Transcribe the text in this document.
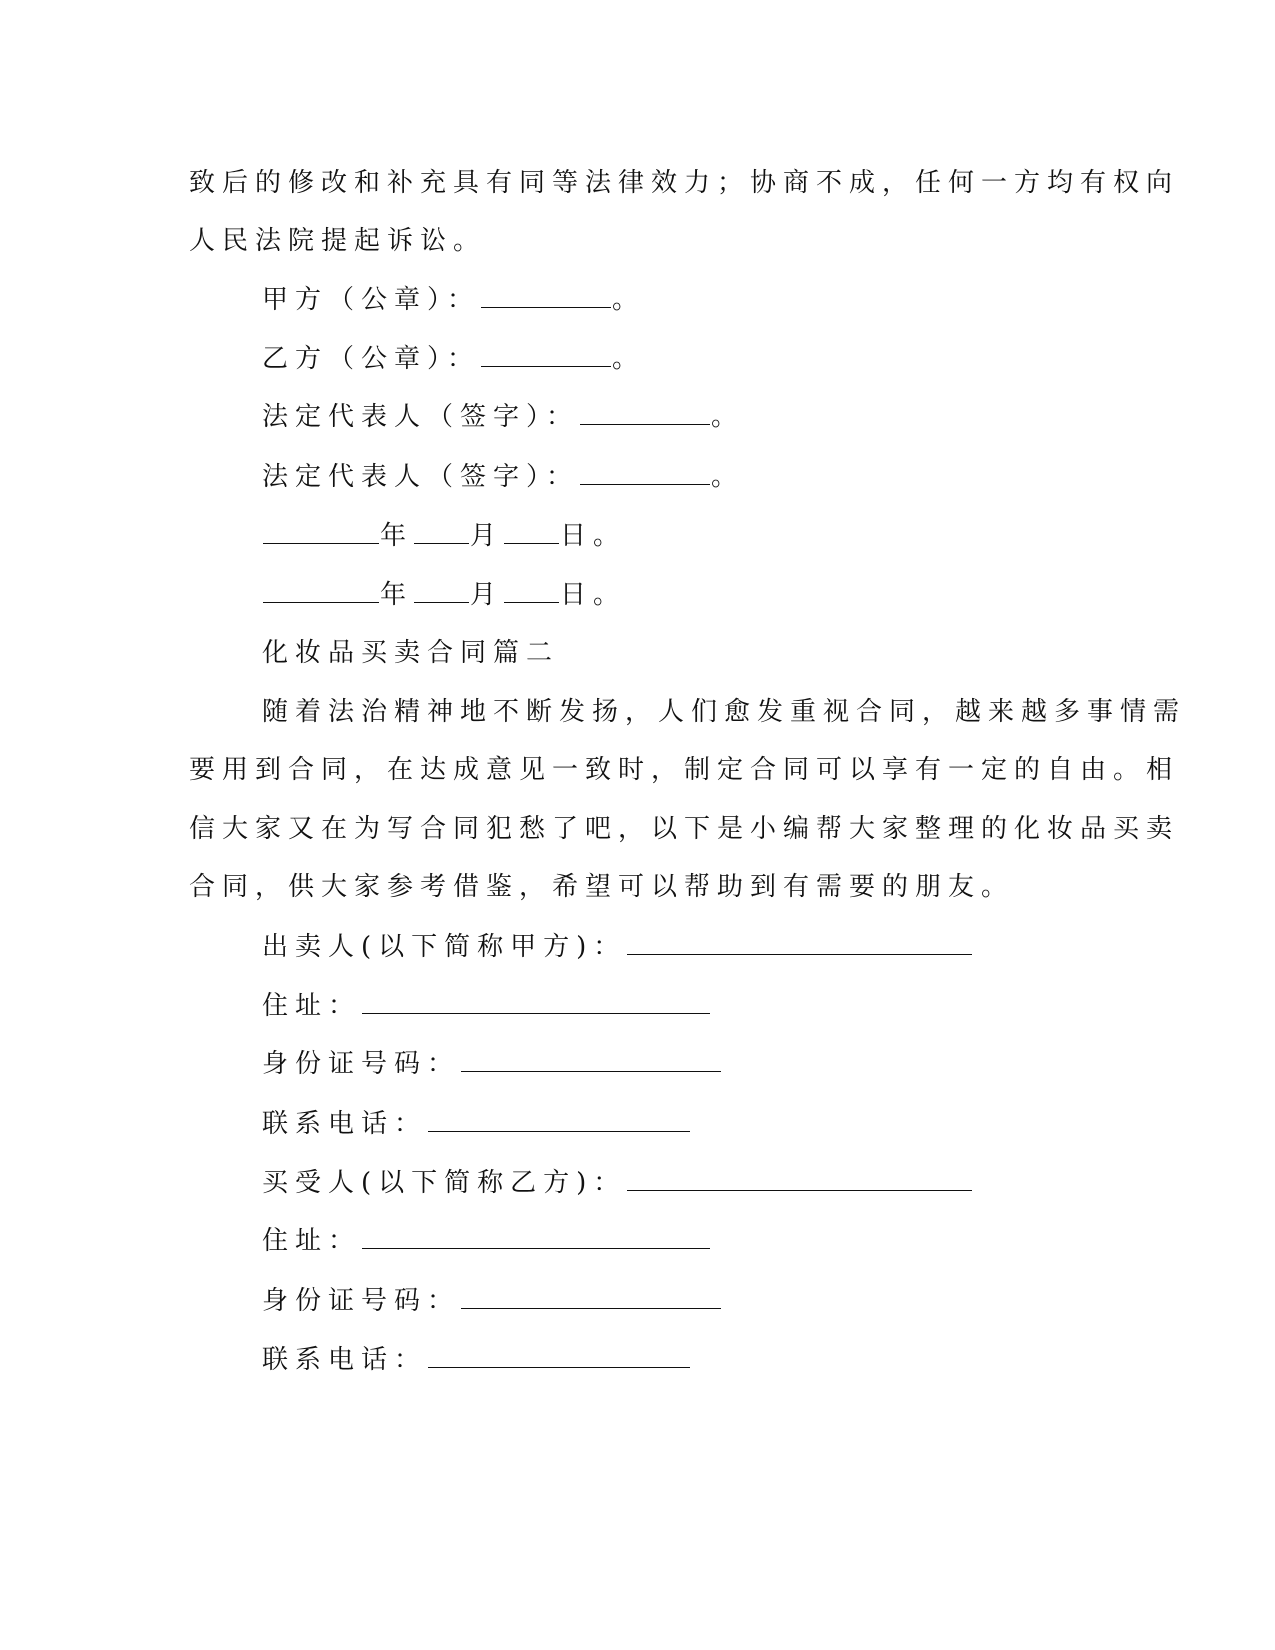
致后的修改和补充具有同等法律效力；协商不成，任何一方均有权向
人民法院提起诉讼。
甲方（公章）：	。
乙方（公章）：	。
法定代表人（签字）：	。
法定代表人（签字）：	。
年 月 日。
年 月 日。
化妆品买卖合同篇二
随着法治精神地不断发扬，人们愈发重视合同，越来越多事情需
要用到合同，在达成意见一致时，制定合同可以享有一定的自由。相
信大家又在为写合同犯愁了吧，以下是小编帮大家整理的化妆品买卖
合同，供大家参考借鉴，希望可以帮助到有需要的朋友。
出卖人(以下简称甲方)：
住址：
身份证号码：
联系电话：
买受人(以下简称乙方)：
住址：
身份证号码：
联系电话：
